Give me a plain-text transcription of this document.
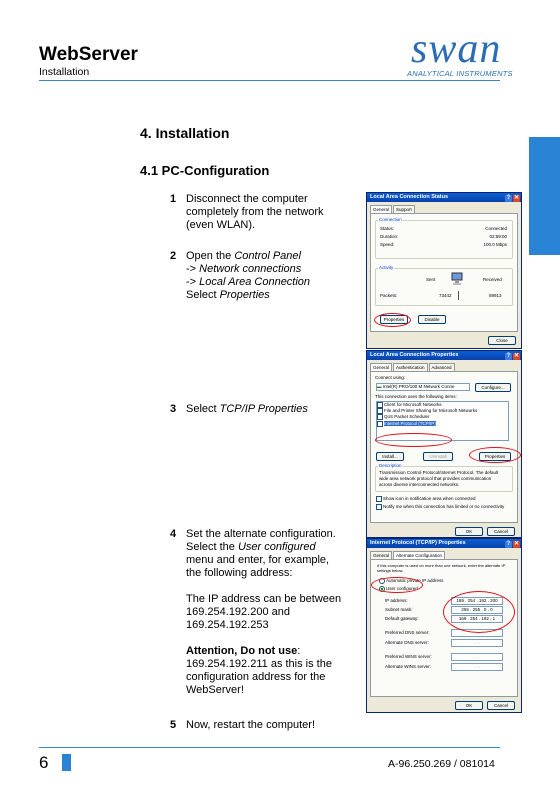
WebServer
Installation	swan
ANALYTICAL INSTRUMENTS
4. Installation
4.1 PC-Configuration
1 Disconnect the computer
completely from the network
(even WLAN).
2 Open the Control Panel
-> Network connections
-> Local Area Connection
Select Properties
3 Select TCP/IP Properties
4 Set the alternate configuration.
Select the User configured
menu and enter, for example,
the following address:
The IP address can be between
169.254.192.200 and
169.254.192.253
Attention, Do not use:
169.254.192.211 as this is the
configuration address for the
WebServer!
5 Now, restart the computer!
Local Area Connection Status	? ✕
General Support
Connection
Status:	Connected
Duration:	02:59:00
Speed:	100.0 Mbps
Activity
Sent	Received
Packets:	73442	89913
Properties	Disable
Close
Local Area Connection Properties	? ✕
General Authentication Advanced
Connect using:
▬ Intel(R) PRO/100 M Network Conne	Configure...
This connection uses the following items:
Client for Microsoft Networks
File and Printer Sharing for Microsoft Networks
QoS Packet Scheduler
Internet Protocol (TCP/IP)
Install...	Uninstall	Properties
Description
Transmission Control Protocol/Internet Protocol. The default
wide area network protocol that provides communication
across diverse interconnected networks.
Show icon in notification area when connected
Notify me when this connection has limited or no connectivity
OK	Cancel
Internet Protocol (TCP/IP) Properties	? ✕
General Alternate Configuration
If this computer is used on more than one network, enter the alternate IP
settings below.
Automatic private IP address
User configured
IP address:	169 . 254 . 192 . 200
Subnet mask:	255 . 255 . 0 . 0
Default gateway:	169 . 254 . 192 . 1
Preferred DNS server:	. . .
Alternate DNS server:	. . .
Preferred WINS server:	. . .
Alternate WINS server:	. . .
OK	Cancel
6	A-96.250.269 / 081014
